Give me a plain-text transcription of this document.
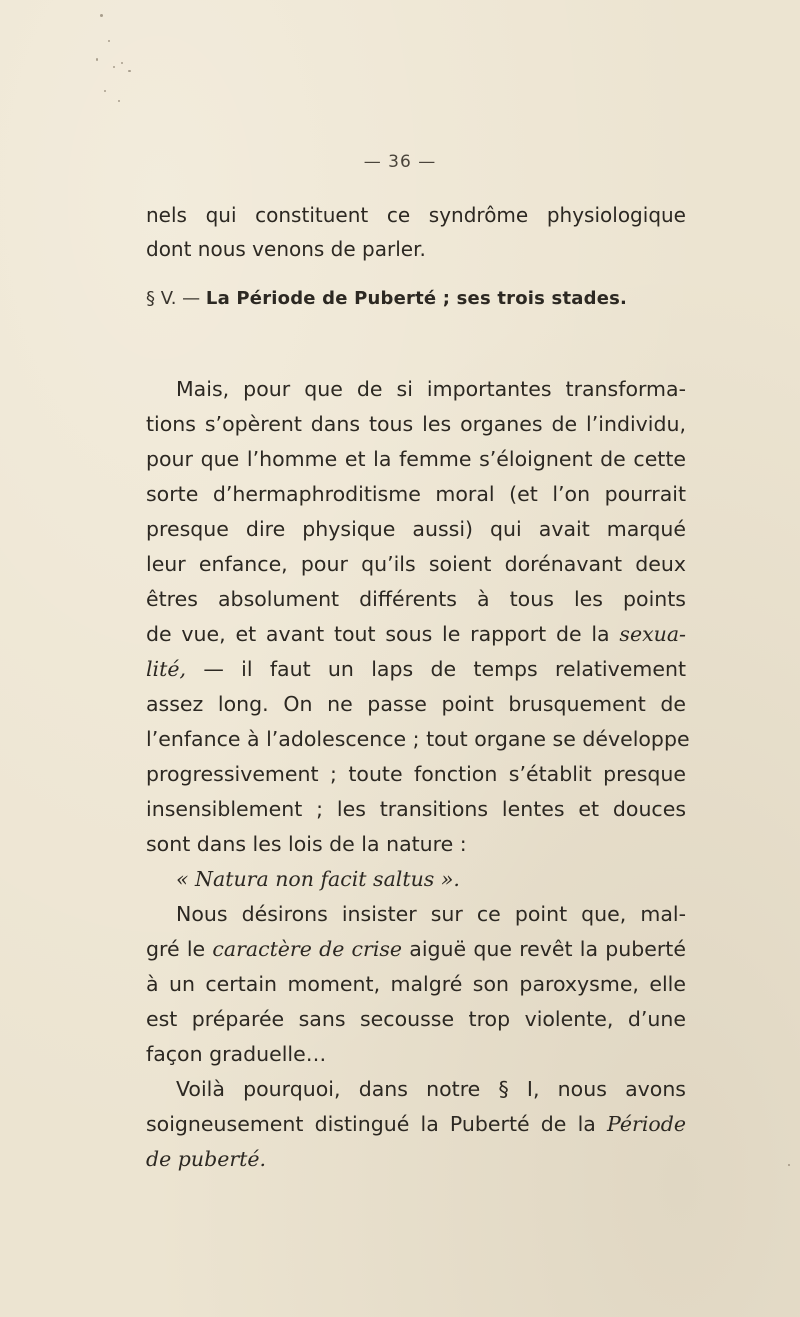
— 36 —
nels qui constituent ce syndrôme physiologique
dont nous venons de parler.
§ V. — La Période de Puberté ; ses trois stades.
Mais, pour que de si importantes transforma-
tions s’opèrent dans tous les organes de l’individu,
pour que l’homme et la femme s’éloignent de cette
sorte d’hermaphroditisme moral (et l’on pourrait
presque dire physique aussi) qui avait marqué
leur enfance, pour qu’ils soient dorénavant deux
êtres absolument différents à tous les points
de vue, et avant tout sous le rapport de la sexua-
lité, — il faut un laps de temps relativement
assez long. On ne passe point brusquement de
l’enfance à l’adolescence ; tout organe se développe
progressivement ; toute fonction s’établit presque
insensiblement ; les transitions lentes et douces
sont dans les lois de la nature :
« Natura non facit saltus ».
Nous désirons insister sur ce point que, mal-
gré le caractère de crise aiguë que revêt la puberté
à un certain moment, malgré son paroxysme, elle
est préparée sans secousse trop violente, d’une
façon graduelle…
Voilà pourquoi, dans notre § I, nous avons
soigneusement distingué la Puberté de la Période
de puberté.
